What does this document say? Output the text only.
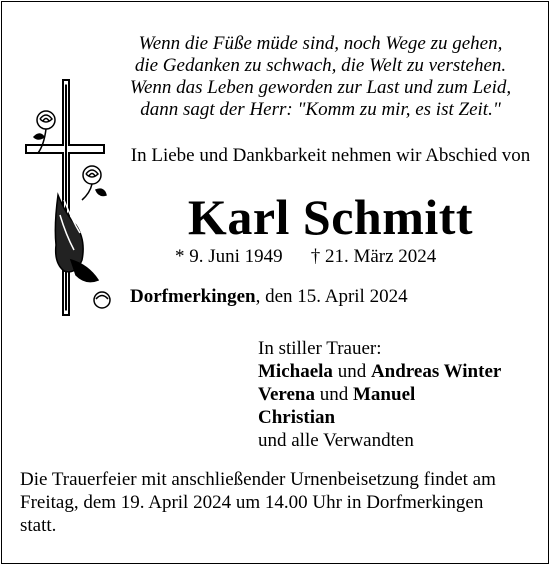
Wenn die Füße müde sind, noch Wege zu gehen,
die Gedanken zu schwach, die Welt zu verstehen.
Wenn das Leben geworden zur Last und zum Leid,
dann sagt der Herr: "Komm zu mir, es ist Zeit."
In Liebe und Dankbarkeit nehmen wir Abschied von
Karl Schmitt
* 9. Juni 1949 † 21. März 2024
Dorfmerkingen, den 15. April 2024
In stiller Trauer:
Michaela und Andreas Winter
Verena und Manuel
Christian
und alle Verwandten
Die Trauerfeier mit anschließender Urnenbeisetzung findet am
Freitag, dem 19. April 2024 um 14.00 Uhr in Dorfmerkingen
statt.
